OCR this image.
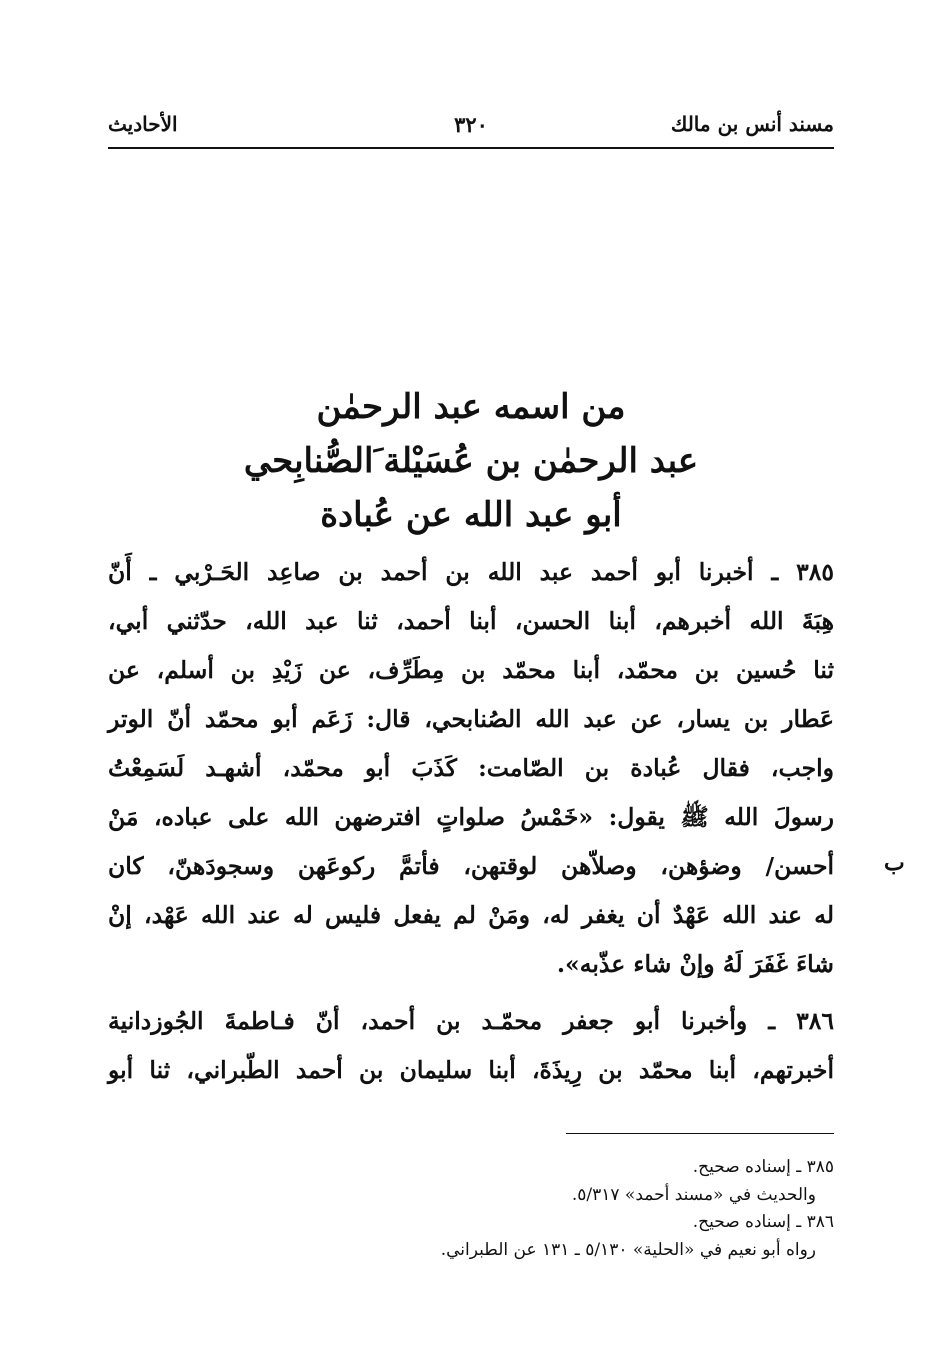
مسند أنس بن مالك
٣٢٠
الأحاديث
من اسمه عبد الرحمٰن
عبد الرحمٰن بن عُسَيْلة َالصُّنابِحي
أبو عبد الله عن عُبادة
٣٨٥ ـ أخبرنا أبو أحمد عبد الله بن أحمد بن صاعِد الحَـرْبي ـ أَنّ
هِبَةَ الله أخبرهم، أبنا الحسن، أبنا أحمد، ثنا عبد الله، حدّثني أبي،
ثنا حُسين بن محمّد، أبنا محمّد بن مِطَرِّف، عن زَيْدِ بن أسلم، عن
عَطار بن يسار، عن عبد الله الصُنابحي، قال: زَعَم أبو محمّد أنّ الوتر
واجب، فقال عُبادة بن الصّامت: كَذَبَ أبو محمّد، أشهـد لَسَمِعْتُ
رسولَ الله ﷺ يقول: «خَمْسُ صلواتٍ افترضهن الله على عباده، مَنْ
أحسن/ وضؤهن، وصلاّهن لوقتهن، فأتمَّ ركوعَهن وسجودَهنّ، كان
له عند الله عَهْدٌ أن يغفر له، ومَنْ لم يفعل فليس له عند الله عَهْد، إنْ
شاءَ غَفَرَ لَهُ وإنْ شاء عذّبه».
٣٨٦ ـ وأخبرنا أبو جعفر محمّـد بن أحمد، أنّ فـاطمةَ الجُوزدانية
أخبرتهم، أبنا محمّد بن رِيذَةَ، أبنا سليمان بن أحمد الطّبراني، ثنا أبو
ب
٣٨٥ ـ إسناده صحيح.
والحديث في «مسند أحمد» ٥/٣١٧.
٣٨٦ ـ إسناده صحيح.
رواه أبو نعيم في «الحلية» ٥/١٣٠ ـ ١٣١ عن الطبراني.
